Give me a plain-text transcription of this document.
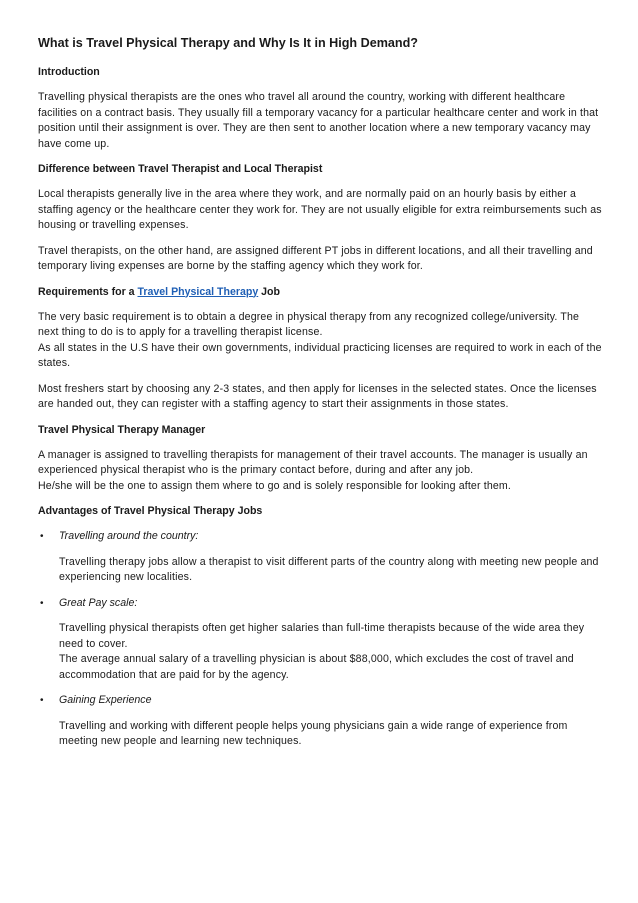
What is Travel Physical Therapy and Why Is It in High Demand?
Introduction

Travelling physical therapists are the ones who travel all around the country, working with different healthcare facilities on a contract basis. They usually fill a temporary vacancy for a particular healthcare center and work in that position until their assignment is over. They are then sent to another location where a new temporary vacancy may have come up.

Difference between Travel Therapist and Local Therapist

Local therapists generally live in the area where they work, and are normally paid on an hourly basis by either a staffing agency or the healthcare center they work for. They are not usually eligible for extra reimbursements such as housing or travelling expenses.

Travel therapists, on the other hand, are assigned different PT jobs in different locations, and all their travelling and temporary living expenses are borne by the staffing agency which they work for.

Requirements for a Travel Physical Therapy Job

The very basic requirement is to obtain a degree in physical therapy from any recognized college/university. The next thing to do is to apply for a travelling therapist license.
As all states in the U.S have their own governments, individual practicing licenses are required to work in each of the states.

Most freshers start by choosing any 2-3 states, and then apply for licenses in the selected states. Once the licenses are handed out, they can register with a staffing agency to start their assignments in those states.

Travel Physical Therapy Manager

A manager is assigned to travelling therapists for management of their travel accounts. The manager is usually an experienced physical therapist who is the primary contact before, during and after any job.
He/she will be the one to assign them where to go and is solely responsible for looking after them.

Advantages of Travel Physical Therapy Jobs
• Travelling around the country:

Travelling therapy jobs allow a therapist to visit different parts of the country along with meeting new people and experiencing new localities.

• Great Pay scale:

Travelling physical therapists often get higher salaries than full-time therapists because of the wide area they need to cover.
The average annual salary of a travelling physician is about $88,000, which excludes the cost of travel and accommodation that are paid for by the agency.

• Gaining Experience

Travelling and working with different people helps young physicians gain a wide range of experience from meeting new people and learning new techniques.
